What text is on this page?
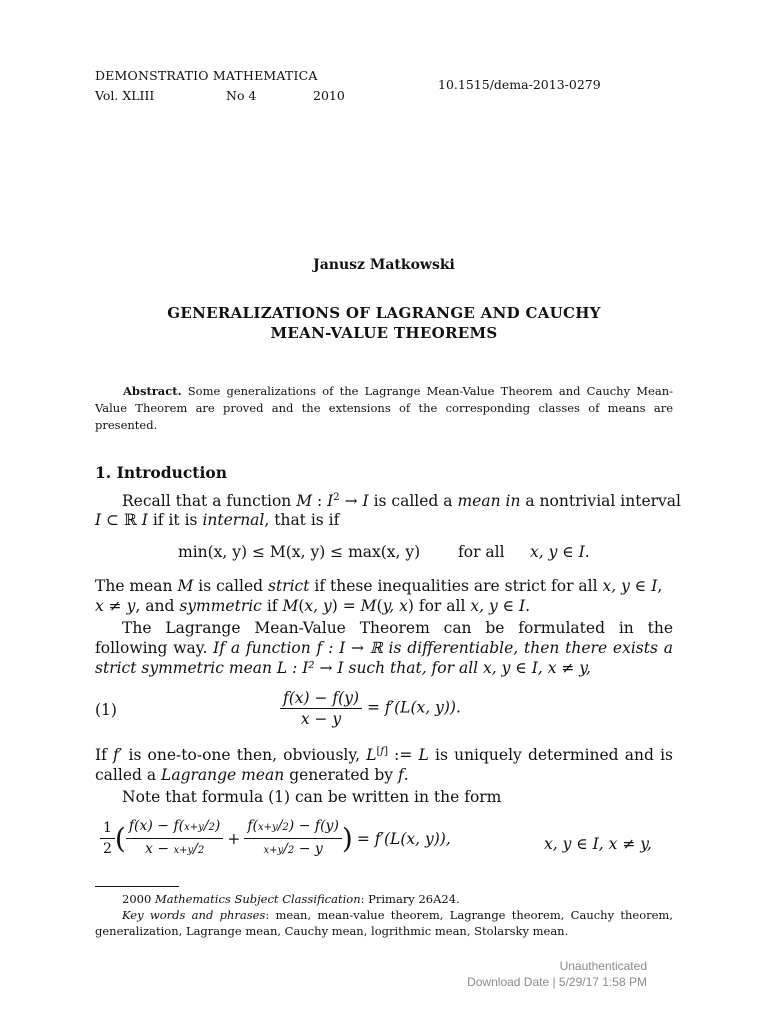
DEMONSTRATIO MATHEMATICA
Vol. XLIII	No 4	2010
10.1515/dema-2013-0279
Janusz Matkowski
GENERALIZATIONS OF LAGRANGE AND CAUCHY
MEAN-VALUE THEOREMS
Abstract. Some generalizations of the Lagrange Mean-Value Theorem and Cauchy Mean-Value Theorem are proved and the extensions of the corresponding classes of means are presented.
1. Introduction
Recall that a function M : $I^2 \to I$ is called a mean in a nontrivial interval
I ⊂ ℝ I if it is internal, that is if
min(x, y) ≤ M(x, y) ≤ max(x, y) for all x, y ∈ I.
The mean M is called strict if these inequalities are strict for all x, y ∈ I,
x ≠ y, and symmetric if M(x, y) = M(y, x) for all x, y ∈ I.
The Lagrange Mean-Value Theorem can be formulated in the following way. If a function f : I → ℝ is differentiable, then there exists a strict symmetric mean L : I² → I such that, for all x, y ∈ I, x ≠ y,
(1)	$\frac{f(x) - f(y)}{x - y} = f'(L(x$, y)).
If f′ is one-to-one then, obviously, L[f] := L is uniquely determined and is called a Lagrange mean generated by f.
Note that formula (1) can be written in the form
$\frac{1}{2}$ ( $\frac{f(x) - f(x+y/2)}{x - x+y/2} + \frac{f(x+y/2) - f(y)}{x+y/2 - y}$ ) = f′(L(x, y)),	x, y ∈ I, x ≠ y,
2000 Mathematics Subject Classification: Primary 26A24.
Key words and phrases: mean, mean-value theorem, Lagrange theorem, Cauchy theorem, generalization, Lagrange mean, Cauchy mean, logrithmic mean, Stolarsky mean.
Unauthenticated
Download Date | 5/29/17 1:58 PM
